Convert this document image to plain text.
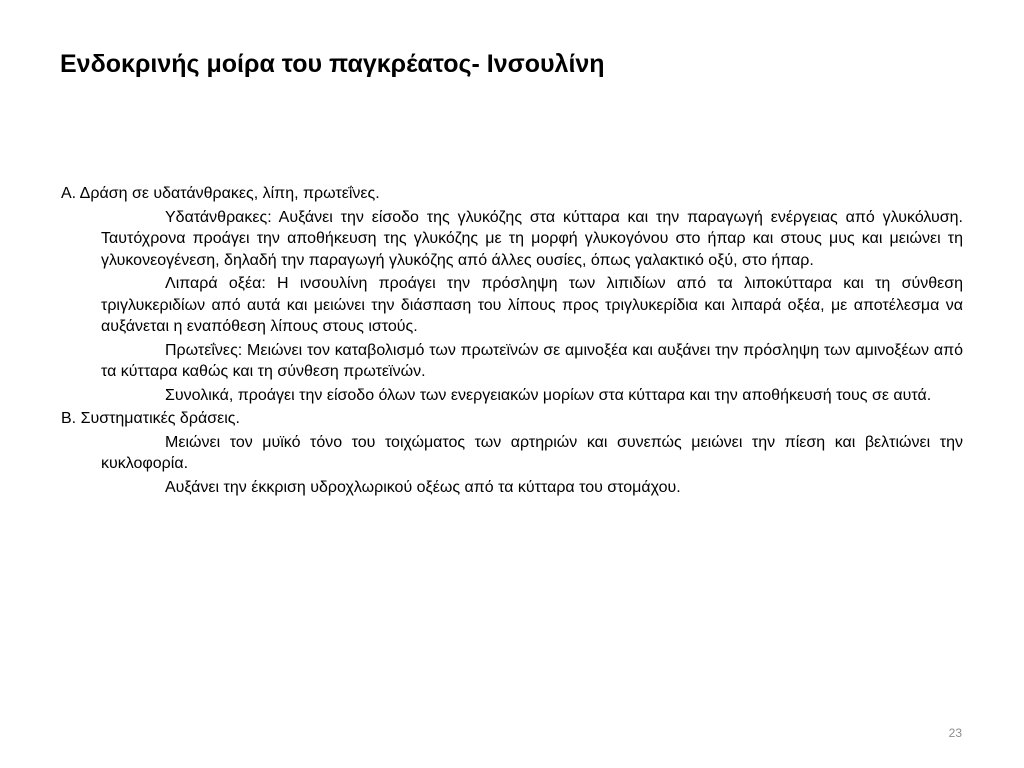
Ενδοκρινής μοίρα του παγκρέατος- Ινσουλίνη

Α. Δράση σε υδατάνθρακες, λίπη, πρωτεΐνες.

Υδατάνθρακες: Αυξάνει την είσοδο της γλυκόζης στα κύτταρα και την παραγωγή ενέργειας από γλυκόλυση. Ταυτόχρονα προάγει την αποθήκευση της γλυκόζης με τη μορφή γλυκογόνου στο ήπαρ και στους μυς και μειώνει τη γλυκονεογένεση, δηλαδή την παραγωγή γλυκόζης από άλλες ουσίες, όπως γαλακτικό οξύ, στο ήπαρ.

Λιπαρά οξέα: Η ινσουλίνη προάγει την πρόσληψη των λιπιδίων από τα λιποκύτταρα και τη σύνθεση τριγλυκεριδίων από αυτά και μειώνει την διάσπαση του λίπους προς τριγλυκερίδια και λιπαρά οξέα, με αποτέλεσμα να αυξάνεται η εναπόθεση λίπους στους ιστούς.

Πρωτεΐνες: Μειώνει τον καταβολισμό των πρωτεϊνών σε αμινοξέα και αυξάνει την πρόσληψη των αμινοξέων από τα κύτταρα καθώς και τη σύνθεση πρωτεϊνών.

Συνολικά, προάγει την είσοδο όλων των ενεργειακών μορίων στα κύτταρα και την αποθήκευσή τους σε αυτά.

Β. Συστηματικές δράσεις.

Μειώνει τον μυϊκό τόνο του τοιχώματος των αρτηριών και συνεπώς μειώνει την πίεση και βελτιώνει την κυκλοφορία.

Αυξάνει την έκκριση υδροχλωρικού οξέως από τα κύτταρα του στομάχου.

23
